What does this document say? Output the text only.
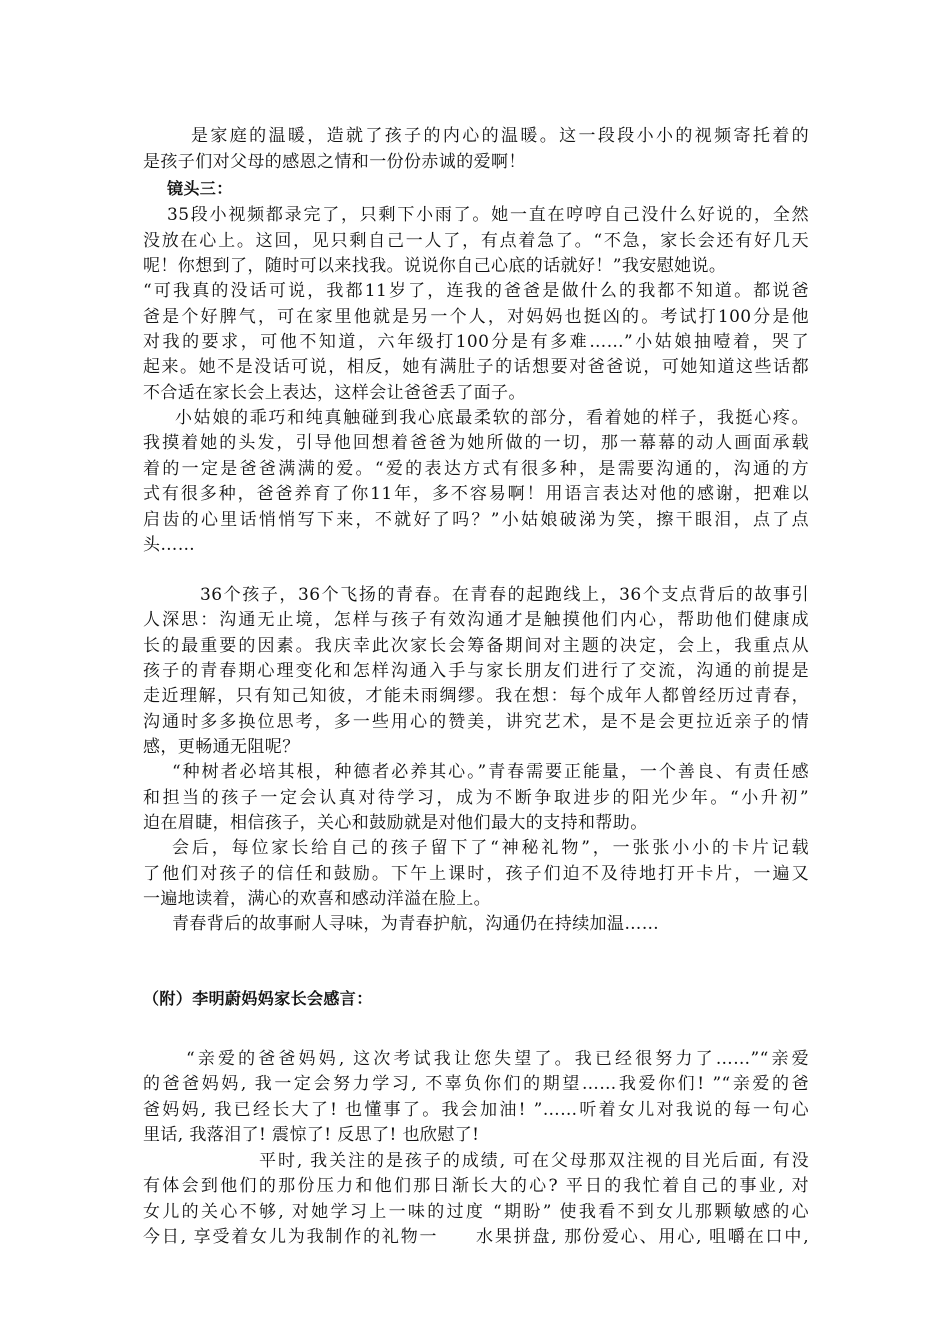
是家庭的温暖，造就了孩子的内心的温暖。这一段段小小的视频寄托着的
是孩子们对父母的感恩之情和一份份赤诚的爱啊！
镜头三：
35段小视频都录完了，只剩下小雨了。她一直在哼哼自己没什么好说的，全然
没放在心上。这回，见只剩自己一人了，有点着急了。“不急，家长会还有好几天
呢！你想到了，随时可以来找我。说说你自己心底的话就好！”我安慰她说。
“可我真的没话可说，我都11岁了，连我的爸爸是做什么的我都不知道。都说爸
爸是个好脾气，可在家里他就是另一个人，对妈妈也挺凶的。考试打100分是他
对我的要求，可他不知道，六年级打100分是有多难……”小姑娘抽噎着，哭了
起来。她不是没话可说，相反，她有满肚子的话想要对爸爸说，可她知道这些话都
不合适在家长会上表达，这样会让爸爸丢了面子。
小姑娘的乖巧和纯真触碰到我心底最柔软的部分，看着她的样子，我挺心疼。
我摸着她的头发，引导他回想着爸爸为她所做的一切，那一幕幕的动人画面承载
着的一定是爸爸满满的爱。“爱的表达方式有很多种，是需要沟通的，沟通的方
式有很多种，爸爸养育了你11年，多不容易啊！用语言表达对他的感谢，把难以
启齿的心里话悄悄写下来，不就好了吗？”小姑娘破涕为笑，擦干眼泪，点了点
头……
36个孩子，36个飞扬的青春。在青春的起跑线上，36个支点背后的故事引
人深思：沟通无止境，怎样与孩子有效沟通才是触摸他们内心，帮助他们健康成
长的最重要的因素。我庆幸此次家长会筹备期间对主题的决定，会上，我重点从
孩子的青春期心理变化和怎样沟通入手与家长朋友们进行了交流，沟通的前提是
走近理解，只有知己知彼，才能未雨绸缪。我在想：每个成年人都曾经历过青春，
沟通时多多换位思考，多一些用心的赞美，讲究艺术，是不是会更拉近亲子的情
感，更畅通无阻呢？
“种树者必培其根，种德者必养其心。”青春需要正能量，一个善良、有责任感
和担当的孩子一定会认真对待学习，成为不断争取进步的阳光少年。“小升初”
迫在眉睫，相信孩子，关心和鼓励就是对他们最大的支持和帮助。
会后，每位家长给自己的孩子留下了“神秘礼物”，一张张小小的卡片记载
了他们对孩子的信任和鼓励。下午上课时，孩子们迫不及待地打开卡片，一遍又
一遍地读着，满心的欢喜和感动洋溢在脸上。
青春背后的故事耐人寻味，为青春护航，沟通仍在持续加温……
（附）李明蔚妈妈家长会感言：
“亲爱的爸爸妈妈, 这次考试我让您失望了。我已经很努力了……”“亲爱
的爸爸妈妈, 我一定会努力学习, 不辜负你们的期望……我爱你们! ”“亲爱的爸
爸妈妈, 我已经长大了! 也懂事了。我会加油! ”……听着女儿对我说的每一句心
里话, 我落泪了! 震惊了! 反思了! 也欣慰了!
平时, 我关注的是孩子的成绩, 可在父母那双注视的目光后面, 有没
有体会到他们的那份压力和他们那日渐长大的心? 平日的我忙着自己的事业, 对
女儿的关心不够, 对她学习上一味的过度 “期盼” 使我看不到女儿那颗敏感的心
今日, 享受着女儿为我制作的礼物一　　水果拼盘, 那份爱心、用心, 咀嚼在口中,
